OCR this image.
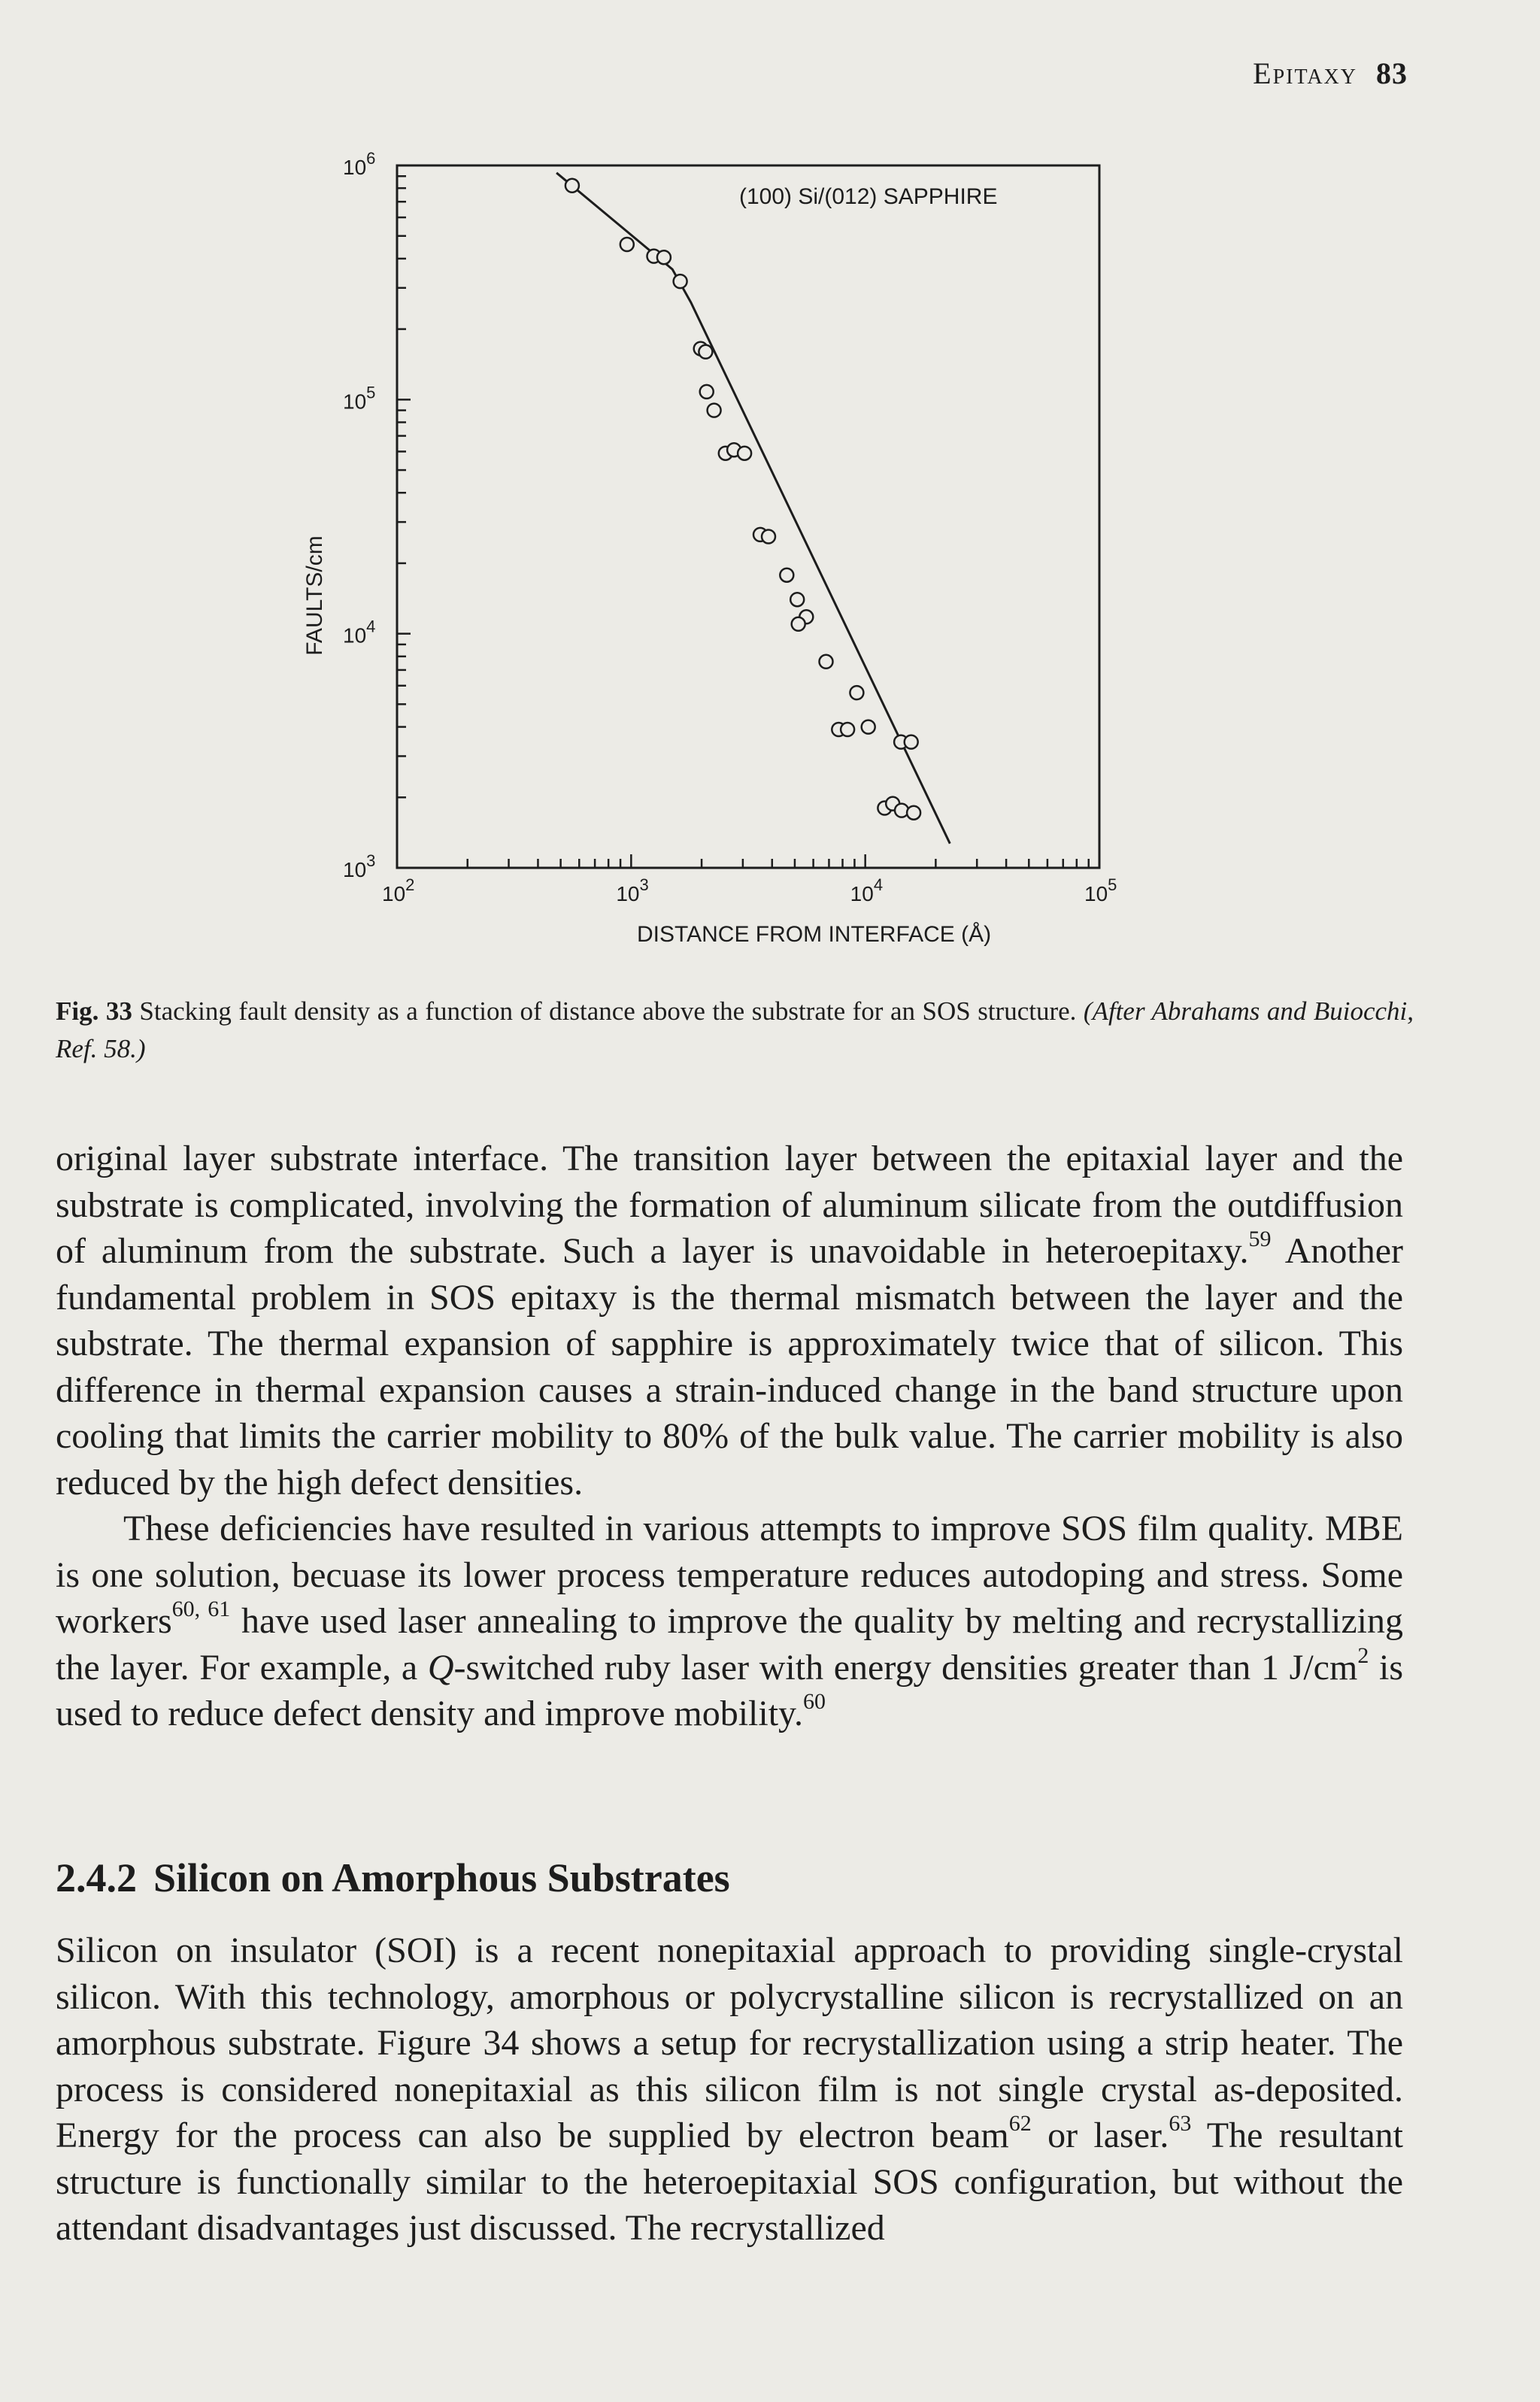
Epitaxy 83
$10^3$
$10^4$
$10^5$
$10^6$
$10^2$	$10^3$	$10^4$	$10^5$
(100) Si/(012) SAPPHIRE
DISTANCE FROM INTERFACE (Å)
FAULTS/cm
Fig. 33 Stacking fault density as a function of distance above the substrate for an SOS structure. (After Abrahams and Buiocchi, Ref. 58.)

original layer substrate interface. The transition layer between the epitaxial layer and the substrate is complicated, involving the formation of aluminum silicate from the outdiffusion of aluminum from the substrate. Such a layer is unavoidable in heteroepitaxy.$^{59}$ Another fundamental problem in SOS epitaxy is the thermal mismatch between the layer and the substrate. The thermal expansion of sapphire is approximately twice that of silicon. This difference in thermal expansion causes a strain-induced change in the band structure upon cooling that limits the carrier mobility to 80% of the bulk value. The carrier mobility is also reduced by the high defect densities.

These deficiencies have resulted in various attempts to improve SOS film quality. MBE is one solution, becuase its lower process temperature reduces autodoping and stress. Some workers$^{60, 61}$ have used laser annealing to improve the quality by melting and recrystallizing the layer. For example, a Q-switched ruby laser with energy densities greater than 1 $J/cm^2$ is used to reduce defect density and improve mobility.$^{60}$

2.4.2 Silicon on Amorphous Substrates

Silicon on insulator (SOI) is a recent nonepitaxial approach to providing single-crystal silicon. With this technology, amorphous or polycrystalline silicon is recrystallized on an amorphous substrate. Figure 34 shows a setup for recrystallization using a strip heater. The process is considered nonepitaxial as this silicon film is not single crystal as-deposited. Energy for the process can also be supplied by electron beam$^{62}$ or laser.$^{63}$ The resultant structure is functionally similar to the heteroepitaxial SOS configuration, but without the attendant disadvantages just discussed. The recrystallized
